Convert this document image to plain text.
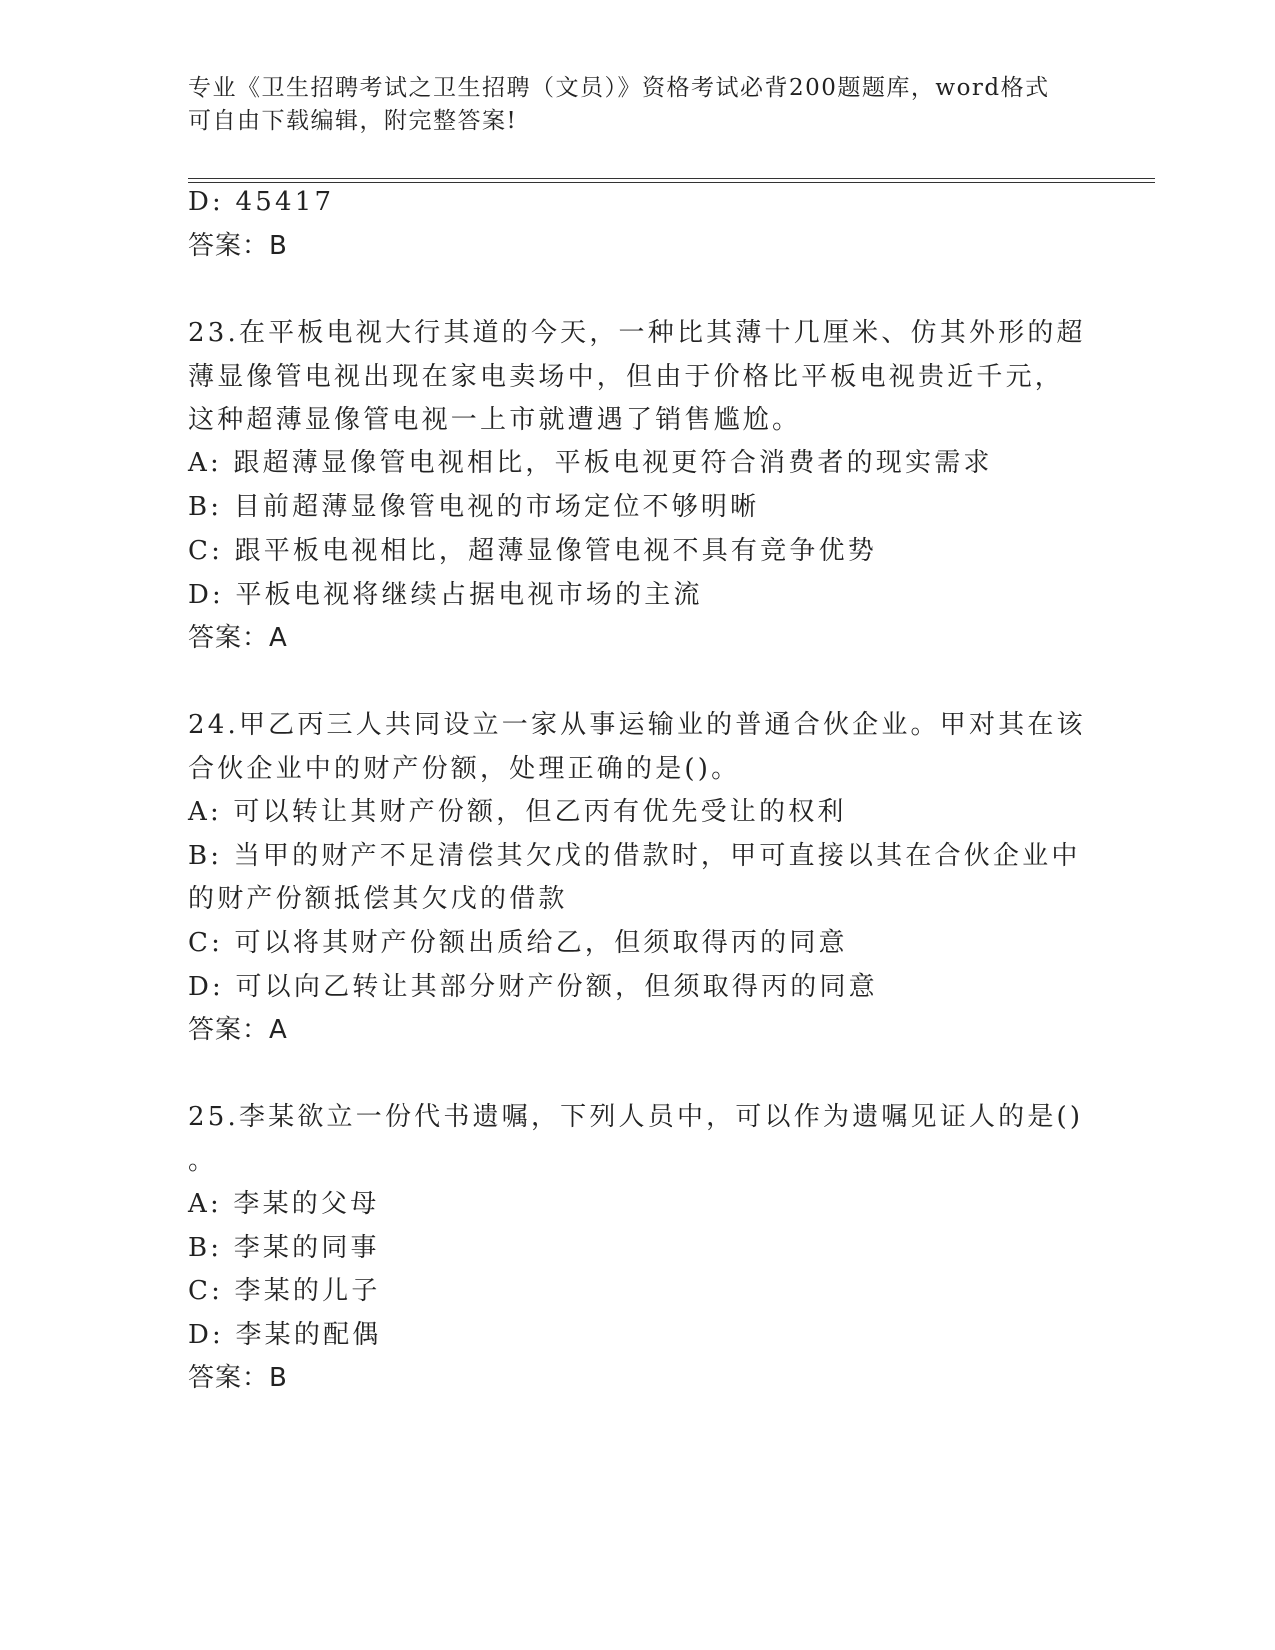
专业《卫生招聘考试之卫生招聘（文员）》资格考试必背200题题库，word格式
可自由下载编辑，附完整答案!
D: 45417
答案：B
23.在平板电视大行其道的今天，一种比其薄十几厘米、仿其外形的超
薄显像管电视出现在家电卖场中，但由于价格比平板电视贵近千元，
这种超薄显像管电视一上市就遭遇了销售尴尬。
A: 跟超薄显像管电视相比，平板电视更符合消费者的现实需求
B: 目前超薄显像管电视的市场定位不够明晰
C: 跟平板电视相比，超薄显像管电视不具有竞争优势
D: 平板电视将继续占据电视市场的主流
答案：A
24.甲乙丙三人共同设立一家从事运输业的普通合伙企业。甲对其在该
合伙企业中的财产份额，处理正确的是()。
A: 可以转让其财产份额，但乙丙有优先受让的权利
B: 当甲的财产不足清偿其欠戊的借款时，甲可直接以其在合伙企业中
的财产份额抵偿其欠戊的借款
C: 可以将其财产份额出质给乙，但须取得丙的同意
D: 可以向乙转让其部分财产份额，但须取得丙的同意
答案：A
25.李某欲立一份代书遗嘱，下列人员中，可以作为遗嘱见证人的是()
。
A: 李某的父母
B: 李某的同事
C: 李某的儿子
D: 李某的配偶
答案：B
